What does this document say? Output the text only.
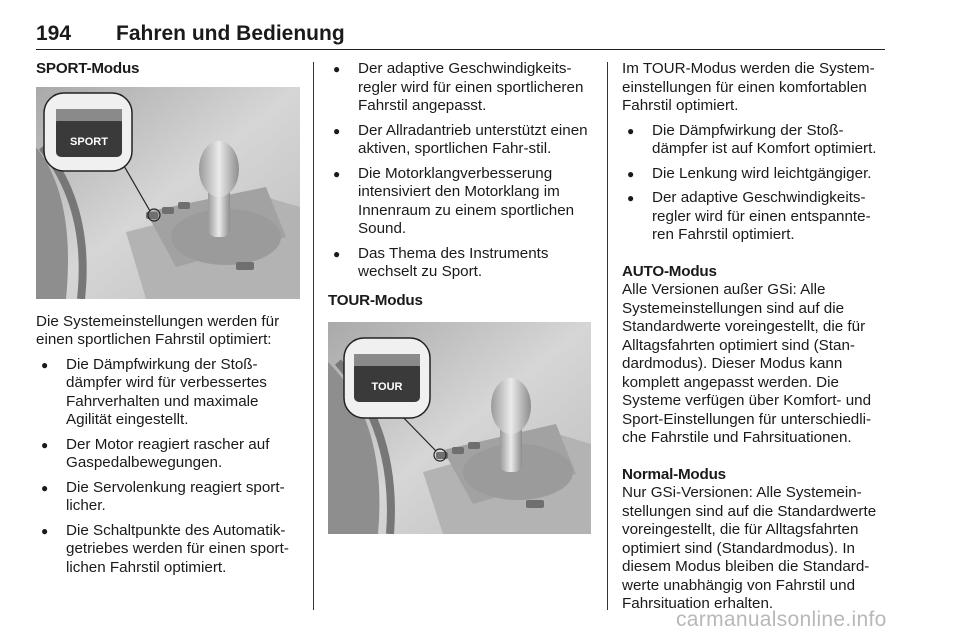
194 Fahren und Bedienung
SPORT-Modus
SPORT
Die Systemeinstellungen werden für einen sportlichen Fahrstil optimiert:
● Die Dämpfwirkung der Stoß-dämpfer wird für verbessertes Fahrverhalten und maximale Agilität eingestellt.
● Der Motor reagiert rascher auf Gaspedalbewegungen.
● Die Servolenkung reagiert sport-licher.
● Die Schaltpunkte des Automatik-getriebes werden für einen sport-lichen Fahrstil optimiert.
● Der adaptive Geschwindigkeits-regler wird für einen sportlicheren Fahrstil angepasst.
● Der Allradantrieb unterstützt einen aktiven, sportlichen Fahr-stil.
● Die Motorklangverbesserung intensiviert den Motorklang im Innenraum zu einem sportlichen Sound.
● Das Thema des Instruments wechselt zu Sport.
TOUR-Modus
TOUR
Im TOUR-Modus werden die System-einstellungen für einen komfortablen Fahrstil optimiert.
● Die Dämpfwirkung der Stoß-dämpfer ist auf Komfort optimiert.
● Die Lenkung wird leichtgängiger.
● Der adaptive Geschwindigkeits-regler wird für einen entspannte-ren Fahrstil optimiert.
AUTO-Modus
Alle Versionen außer GSi: Alle Systemeinstellungen sind auf die Standardwerte voreingestellt, die für Alltagsfahrten optimiert sind (Stan-dardmodus). Dieser Modus kann komplett angepasst werden. Die Systeme verfügen über Komfort- und Sport-Einstellungen für unterschiedli-che Fahrstile und Fahrsituationen.
Normal-Modus
Nur GSi-Versionen: Alle Systemein-stellungen sind auf die Standardwerte voreingestellt, die für Alltagsfahrten optimiert sind (Standardmodus). In diesem Modus bleiben die Standard-werte unabhängig von Fahrstil und Fahrsituation erhalten.
carmanualsonline.info
